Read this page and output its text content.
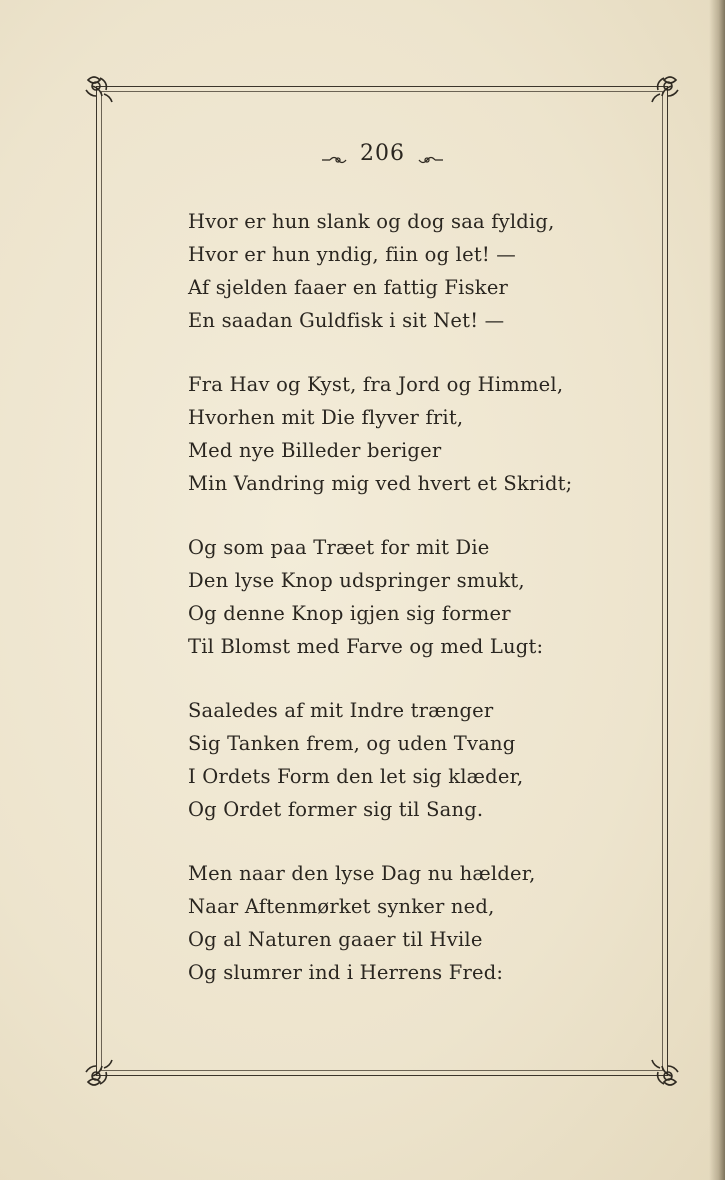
206
Hvor er hun slank og dog saa fyldig,
Hvor er hun yndig, fiin og let! —
Af sjelden faaer en fattig Fisker
En saadan Guldfisk i sit Net! —
Fra Hav og Kyst, fra Jord og Himmel,
Hvorhen mit Die flyver frit,
Med nye Billeder beriger
Min Vandring mig ved hvert et Skridt;
Og som paa Træet for mit Die
Den lyse Knop udspringer smukt,
Og denne Knop igjen sig former
Til Blomst med Farve og med Lugt:
Saaledes af mit Indre trænger
Sig Tanken frem, og uden Tvang
I Ordets Form den let sig klæder,
Og Ordet former sig til Sang.
Men naar den lyse Dag nu hælder,
Naar Aftenmørket synker ned,
Og al Naturen gaaer til Hvile
Og slumrer ind i Herrens Fred:
